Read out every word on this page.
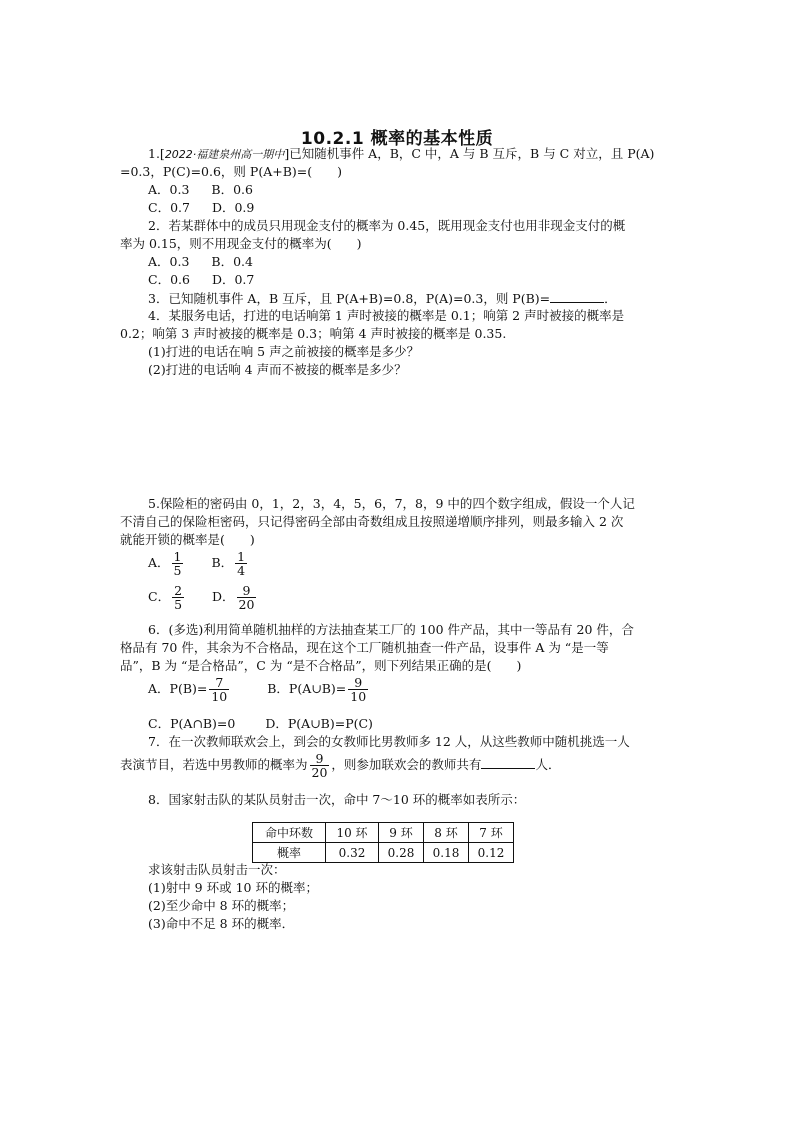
10.2.1 概率的基本性质
1.[2022·福建泉州高一期中]已知随机事件 A，B，C 中，A 与 B 互斥，B 与 C 对立，且 P(A)
=0.3，P(C)=0.6，则 P(A+B)=(　　)
A．0.3 B．0.6
C．0.7 D．0.9
2．若某群体中的成员只用现金支付的概率为 0.45，既用现金支付也用非现金支付的概
率为 0.15，则不用现金支付的概率为(　　)
A．0.3 B．0.4
C．0.6 D．0.7
3．已知随机事件 A，B 互斥，且 P(A+B)=0.8，P(A)=0.3，则 P(B)=	．
4．某服务电话，打进的电话响第 1 声时被接的概率是 0.1；响第 2 声时被接的概率是
0.2；响第 3 声时被接的概率是 0.3；响第 4 声时被接的概率是 0.35.
(1)打进的电话在响 5 声之前被接的概率是多少？
(2)打进的电话响 4 声而不被接的概率是多少？
5.保险柜的密码由 0，1，2，3，4，5，6，7，8，9 中的四个数字组成，假设一个人记
不清自己的保险柜密码，只记得密码全部由奇数组成且按照递增顺序排列，则最多输入 2 次
就能开锁的概率是(　　)
A． $\frac{1}{5}$ B． $\frac{1}{4}$
C． $\frac{2}{5}$ D． $\frac{9}{20}$
6．(多选)利用简单随机抽样的方法抽查某工厂的 100 件产品，其中一等品有 20 件，合
格品有 70 件，其余为不合格品，现在这个工厂随机抽查一件产品，设事件 A 为 “是一等
品”，B 为 “是合格品”，C 为 “是不合格品”，则下列结果正确的是(　　)
A．$P(B)= \frac{7}{10}$	B．P(A∪B)= $\frac{9}{10}$
C．P(A∩B)=0 D．P(A∪B)=P(C)
7．在一次教师联欢会上，到会的女教师比男教师多 12 人，从这些教师中随机挑选一人
表演节目，若选中男教师的概率为 $\frac{9}{20}$ ，则参加联欢会的教师共有	人．
8．国家射击队的某队员射击一次，命中 7～10 环的概率如表所示：
命中环数	10 环	9 环	8 环	7 环
概率	0.32	0.28	0.18	0.12
求该射击队员射击一次：
(1)射中 9 环或 10 环的概率；
(2)至少命中 8 环的概率；
(3)命中不足 8 环的概率．
